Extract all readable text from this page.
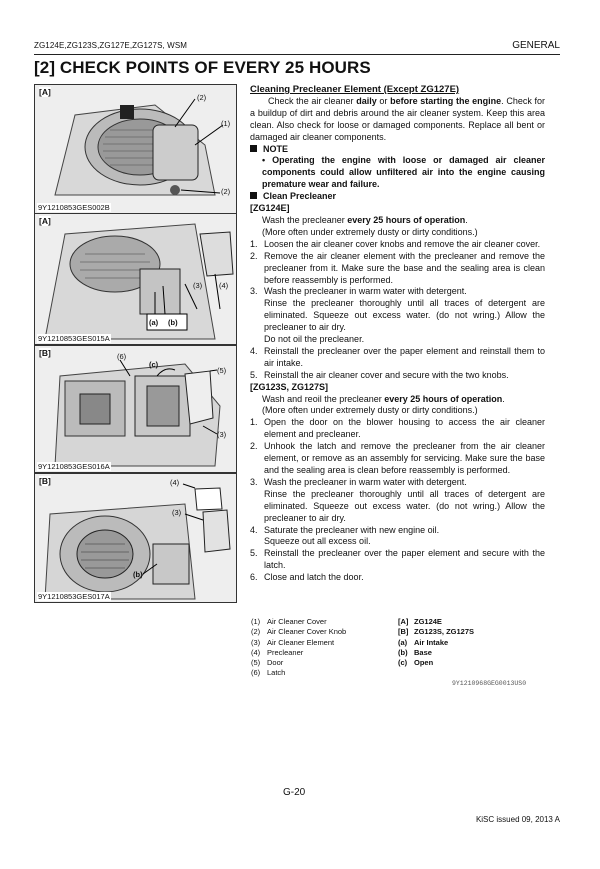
ZG124E,ZG123S,ZG127E,ZG127S, WSM	GENERAL
[2] CHECK POINTS OF EVERY 25 HOURS
[A]
(2)
(1)
(2)
9Y1210853GES002B
[A]
(3) (4)
(a) (b)
9Y1210853GES015A
[B]	(6)
(c)
(5)
(3)
9Y1210853GES016A
[B]	(4)
(3)
(b)
9Y1210853GES017A

Cleaning Precleaner Element (Except ZG127E)

Check the air cleaner daily or before starting the engine. Check for a buildup of dirt and debris around the air cleaner system. Keep this area clean. Also check for loose or damaged components. Replace all bent or damaged air cleaner components.

NOTE

• Operating the engine with loose or damaged air cleaner components could allow unfiltered air into the engine causing premature wear and failure.

Clean Precleaner

[ZG124E]

Wash the precleaner every 25 hours of operation.

(More often under extremely dusty or dirty conditions.)

1. Loosen the air cleaner cover knobs and remove the air cleaner cover.
2. Remove the air cleaner element with the precleaner and remove the precleaner from it. Make sure the base and the sealing area is clean before reassembly is performed.
3. Wash the precleaner in warm water with detergent.
Rinse the precleaner thoroughly until all traces of detergent are eliminated. Squeeze out excess water. (do not wring.) Allow the precleaner to air dry.
Do not oil the precleaner.
4. Reinstall the precleaner over the paper element and reinstall them to air intake.
5. Reinstall the air cleaner cover and secure with the two knobs.

[ZG123S, ZG127S]

Wash and reoil the precleaner every 25 hours of operation.

(More often under extremely dusty or dirty conditions.)

1. Open the door on the blower housing to access the air cleaner element and precleaner.
2. Unhook the latch and remove the precleaner from the air cleaner element, or remove as an assembly for servicing. Make sure the base and the sealing area is clean before reassembly is performed.
3. Wash the precleaner in warm water with detergent.
Rinse the precleaner thoroughly until all traces of detergent are eliminated. Squeeze out excess water. (do not wring.) Allow the precleaner to air dry.
4. Saturate the precleaner with new engine oil.
Squeeze out all excess oil.
5. Reinstall the precleaner over the paper element and secure with the latch.
6. Close and latch the door.
(1)	Air Cleaner Cover	[A]	ZG124E
(2)	Air Cleaner Cover Knob	[B]	ZG123S, ZG127S
(3)	Air Cleaner Element	(a)	Air Intake
(4)	Precleaner	(b)	Base
(5)	Door	(c)	Open
(6)	Latch		
9Y1210968GEG0013US0
G-20
KiSC issued 09, 2013 A
